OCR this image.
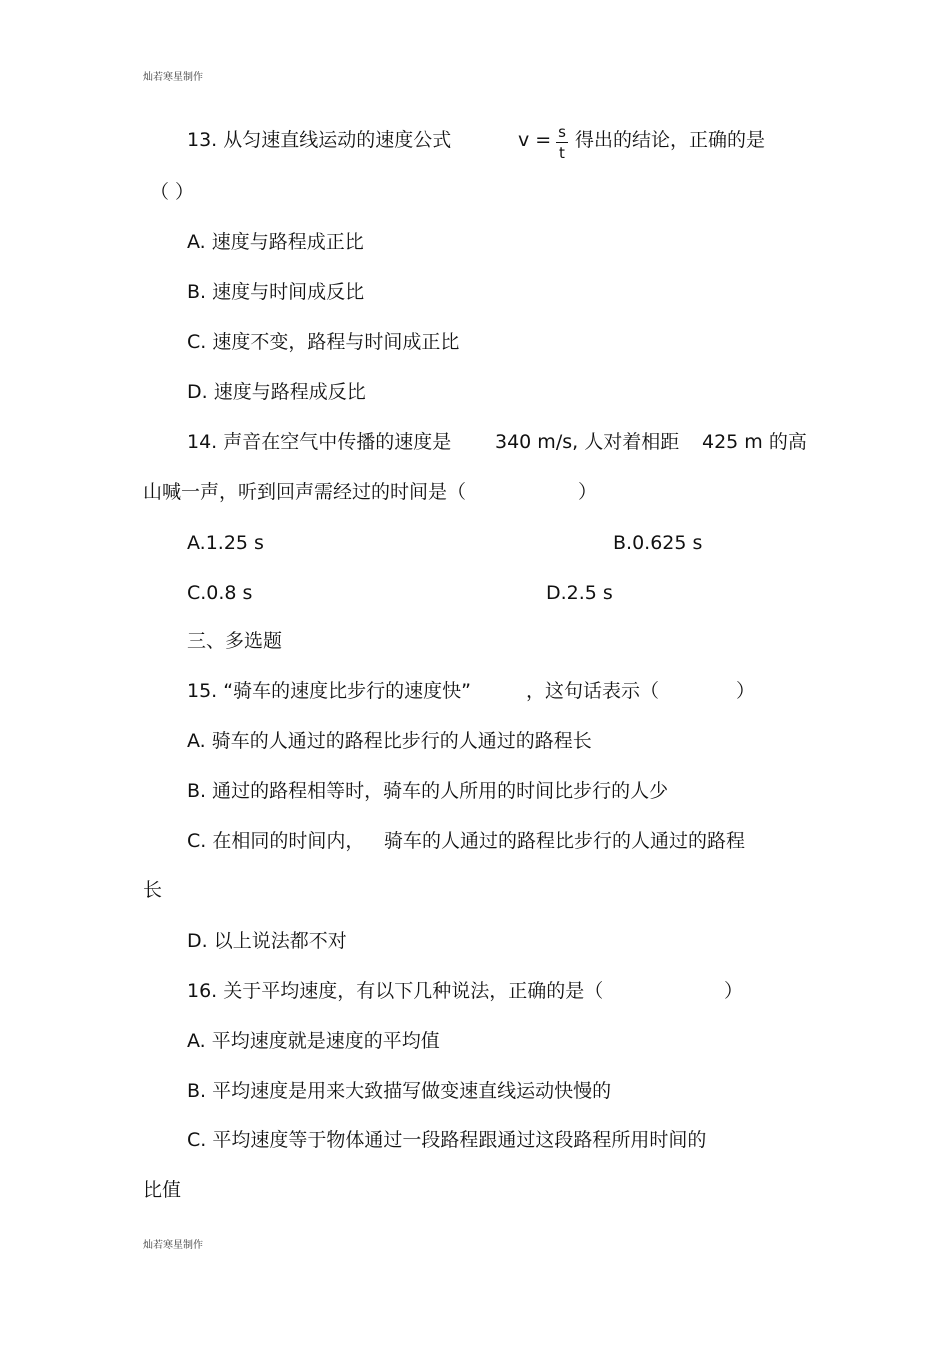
灿若寒星制作
13. 从匀速直线运动的速度公式	v = s
t
得出的结论，正确的是
（ ）
A. 速度与路程成正比
B. 速度与时间成反比
C. 速度不变，路程与时间成正比
D. 速度与路程成反比
14. 声音在空气中传播的速度是 340 m/s, 人对着相距 425 m 的高
山喊一声，听到回声需经过的时间是（	）
A.1.25 s	B.0.625 s
C.0.8 s	D.2.5 s
三、多选题
15. “骑车的速度比步行的速度快”	，这句话表示（	）
A. 骑车的人通过的路程比步行的人通过的路程长
B. 通过的路程相等时，骑车的人所用的时间比步行的人少
C. 在相同的时间内， 骑车的人通过的路程比步行的人通过的路程
长
D. 以上说法都不对
16. 关于平均速度，有以下几种说法，正确的是（	）
A. 平均速度就是速度的平均值
B. 平均速度是用来大致描写做变速直线运动快慢的
C. 平均速度等于物体通过一段路程跟通过这段路程所用时间的
比值
灿若寒星制作
